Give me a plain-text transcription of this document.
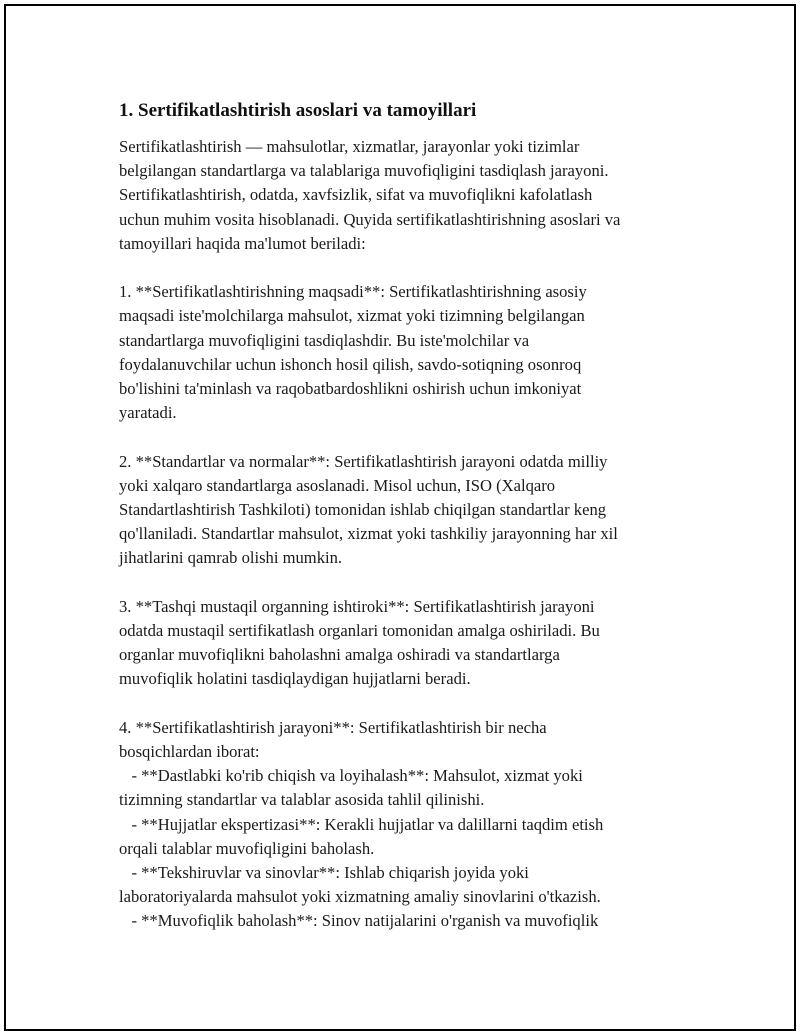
1. Sertifikatlashtirish asoslari va tamoyillari
Sertifikatlashtirish — mahsulotlar, xizmatlar, jarayonlar yoki tizimlar
belgilangan standartlarga va talablariga muvofiqligini tasdiqlash jarayoni.
Sertifikatlashtirish, odatda, xavfsizlik, sifat va muvofiqlikni kafolatlash
uchun muhim vosita hisoblanadi. Quyida sertifikatlashtirishning asoslari va
tamoyillari haqida ma'lumot beriladi:
1. **Sertifikatlashtirishning maqsadi**: Sertifikatlashtirishning asosiy
maqsadi iste'molchilarga mahsulot, xizmat yoki tizimning belgilangan
standartlarga muvofiqligini tasdiqlashdir. Bu iste'molchilar va
foydalanuvchilar uchun ishonch hosil qilish, savdo-sotiqning osonroq
bo'lishini ta'minlash va raqobatbardoshlikni oshirish uchun imkoniyat
yaratadi.
2. **Standartlar va normalar**: Sertifikatlashtirish jarayoni odatda milliy
yoki xalqaro standartlarga asoslanadi. Misol uchun, ISO (Xalqaro
Standartlashtirish Tashkiloti) tomonidan ishlab chiqilgan standartlar keng
qo'llaniladi. Standartlar mahsulot, xizmat yoki tashkiliy jarayonning har xil
jihatlarini qamrab olishi mumkin.
3. **Tashqi mustaqil organning ishtiroki**: Sertifikatlashtirish jarayoni
odatda mustaqil sertifikatlash organlari tomonidan amalga oshiriladi. Bu
organlar muvofiqlikni baholashni amalga oshiradi va standartlarga
muvofiqlik holatini tasdiqlaydigan hujjatlarni beradi.
4. **Sertifikatlashtirish jarayoni**: Sertifikatlashtirish bir necha
bosqichlardan iborat:
- **Dastlabki ko'rib chiqish va loyihalash**: Mahsulot, xizmat yoki
tizimning standartlar va talablar asosida tahlil qilinishi.
- **Hujjatlar ekspertizasi**: Kerakli hujjatlar va dalillarni taqdim etish
orqali talablar muvofiqligini baholash.
- **Tekshiruvlar va sinovlar**: Ishlab chiqarish joyida yoki
laboratoriyalarda mahsulot yoki xizmatning amaliy sinovlarini o'tkazish.
- **Muvofiqlik baholash**: Sinov natijalarini o'rganish va muvofiqlik
